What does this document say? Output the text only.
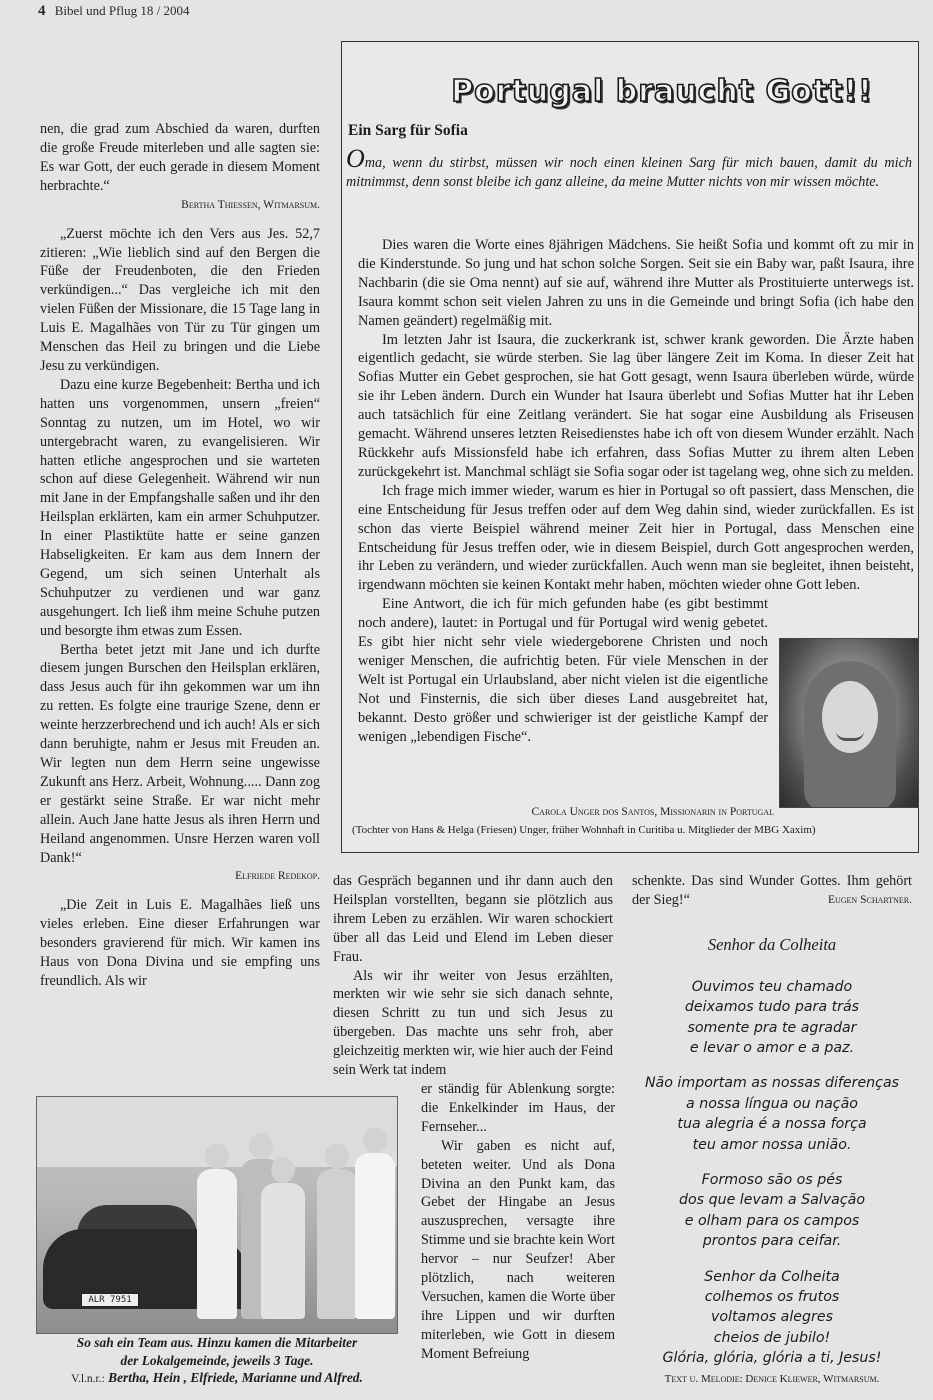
4 Bibel und Pflug 18 / 2004

nen, die grad zum Abschied da waren, durften die große Freude miterleben und alle sagten sie: Es war Gott, der euch gerade in diesem Moment herbrachte.“

Bertha Thiessen, Witmarsum.

„Zuerst möchte ich den Vers aus Jes. 52,7 zitieren: „Wie lieblich sind auf den Bergen die Füße der Freudenboten, die den Frieden verkündigen...“ Das vergleiche ich mit den vielen Füßen der Missionare, die 15 Tage lang in Luis E. Magalhães von Tür zu Tür gingen um Menschen das Heil zu bringen und die Liebe Jesu zu verkündigen.

Dazu eine kurze Begebenheit: Bertha und ich hatten uns vorgenommen, unsern „freien“ Sonntag zu nutzen, um im Hotel, wo wir untergebracht waren, zu evangelisieren. Wir hatten etliche angesprochen und sie warteten schon auf diese Gelegenheit. Während wir nun mit Jane in der Empfangshalle saßen und ihr den Heilsplan erklärten, kam ein armer Schuhputzer. In einer Plastiktüte hatte er seine ganzen Habseligkeiten. Er kam aus dem Innern der Gegend, um sich seinen Unterhalt als Schuhputzer zu verdienen und war ganz ausgehungert. Ich ließ ihm meine Schuhe putzen und besorgte ihm etwas zum Essen.

Bertha betet jetzt mit Jane und ich durfte diesem jungen Burschen den Heilsplan erklären, dass Jesus auch für ihn gekommen war um ihn zu retten. Es folgte eine traurige Szene, denn er weinte herzzerbrechend und ich auch! Als er sich dann beruhigte, nahm er Jesus mit Freuden an. Wir legten nun dem Herrn seine ungewisse Zukunft ans Herz. Arbeit, Wohnung..... Dann zog er gestärkt seine Straße. Er war nicht mehr allein. Auch Jane hatte Jesus als ihren Herrn und Heiland angenommen. Unsre Herzen waren voll Dank!“

Elfriede Redekop.

„Die Zeit in Luis E. Magalhães ließ uns vieles erleben. Eine dieser Erfahrungen war besonders gravierend für mich. Wir kamen ins Haus von Dona Divina und sie empfing uns freundlich. Als wir

Portugal braucht Gott!!
Ein Sarg für Sofia
Oma, wenn du stirbst, müssen wir noch einen kleinen Sarg für mich bauen, damit du mich mitnimmst, denn sonst bleibe ich ganz alleine, da meine Mutter nichts von mir wissen möchte.

Dies waren die Worte eines 8jährigen Mädchens. Sie heißt Sofia und kommt oft zu mir in die Kinderstunde. So jung und hat schon solche Sorgen. Seit sie ein Baby war, paßt Isaura, ihre Nachbarin (die sie Oma nennt) auf sie auf, während ihre Mutter als Prostituierte unterwegs ist. Isaura kommt schon seit vielen Jahren zu uns in die Gemeinde und bringt Sofia (ich habe den Namen geändert) regelmäßig mit.

Im letzten Jahr ist Isaura, die zuckerkrank ist, schwer krank geworden. Die Ärzte haben eigentlich gedacht, sie würde sterben. Sie lag über längere Zeit im Koma. In dieser Zeit hat Sofias Mutter ein Gebet gesprochen, sie hat Gott gesagt, wenn Isaura überleben würde, würde sie ihr Leben ändern. Durch ein Wunder hat Isaura überlebt und Sofias Mutter hat ihr Leben auch tatsächlich für eine Zeitlang verändert. Sie hat sogar eine Ausbildung als Friseusen gemacht. Während unseres letzten Reisedienstes habe ich oft von diesem Wunder erzählt. Nach Rückkehr aufs Missionsfeld habe ich erfahren, dass Sofias Mutter zu ihrem alten Leben zurückgekehrt ist. Manchmal schlägt sie Sofia sogar oder ist tagelang weg, ohne sich zu melden.

Ich frage mich immer wieder, warum es hier in Portugal so oft passiert, dass Menschen, die eine Entscheidung für Jesus treffen oder auf dem Weg dahin sind, wieder zurückfallen. Es ist schon das vierte Beispiel während meiner Zeit hier in Portugal, dass Menschen eine Entscheidung für Jesus treffen oder, wie in diesem Beispiel, durch Gott angesprochen werden, ihr Leben zu verändern, und wieder zurückfallen. Auch wenn man sie begleitet, ihnen beisteht, irgendwann möchten sie keinen Kontakt mehr haben, möchten wieder ohne Gott leben.

Eine Antwort, die ich für mich gefunden habe (es gibt bestimmt noch andere), lautet: in Portugal und für Portugal wird wenig gebetet. Es gibt hier nicht sehr viele wiedergeborene Christen und noch weniger Menschen, die aufrichtig beten. Für viele Menschen in der Welt ist Portugal ein Urlaubsland, aber nicht vielen ist die eigentliche Not und Finsternis, die sich über dieses Land ausgebreitet hat, bekannt. Desto größer und schwieriger ist der geistliche Kampf der wenigen „lebendigen Fische“.

Carola Unger dos Santos, Missionarin in Portugal
(Tochter von Hans & Helga (Friesen) Unger, früher Wohnhaft in Curitiba u. Mitglieder der MBG Xaxim)

das Gespräch begannen und ihr dann auch den Heilsplan vorstellten, begann sie plötzlich aus ihrem Leben zu erzählen. Wir waren schockiert über all das Leid und Elend im Leben dieser Frau.

Als wir ihr weiter von Jesus erzählten, merkten wir wie sehr sie sich danach sehnte, diesen Schritt zu tun und sich Jesus zu übergeben. Das machte uns sehr froh, aber gleichzeitig merkten wir, wie hier auch der Feind sein Werk tat indem

er ständig für Ablenkung sorgte: die Enkelkinder im Haus, der Fernseher...

Wir gaben es nicht auf, beteten weiter. Und als Dona Divina an den Punkt kam, das Gebet der Hingabe an Jesus auszusprechen, versagte ihre Stimme und sie brachte kein Wort hervor – nur Seufzer! Aber plötzlich, nach weiteren Versuchen, kamen die Worte über ihre Lippen und wir durften miterleben, wie Gott in diesem Moment Befreiung

schenkte. Das sind Wunder Gottes. Ihm gehört der Sieg!“	Eugen Schartner.

Senhor da Colheita
Ouvimos teu chamado
deixamos tudo para trás
somente pra te agradar
e levar o amor e a paz.
Não importam as nossas diferenças
a nossa língua ou nação
tua alegria é a nossa força
teu amor nossa união.
Formoso são os pés
dos que levam a Salvação
e olham para os campos
prontos para ceifar.
Senhor da Colheita
colhemos os frutos
voltamos alegres
cheios de jubilo!
Glória, glória, glória a ti, Jesus!
Text u. Melodie: Denice Kliewer, Witmarsum.
ALR 7951
So sah ein Team aus. Hinzu kamen die Mitarbeiter
der Lokalgemeinde, jeweils 3 Tage.
V.l.n.r.: Bertha, Hein , Elfriede, Marianne und Alfred.
